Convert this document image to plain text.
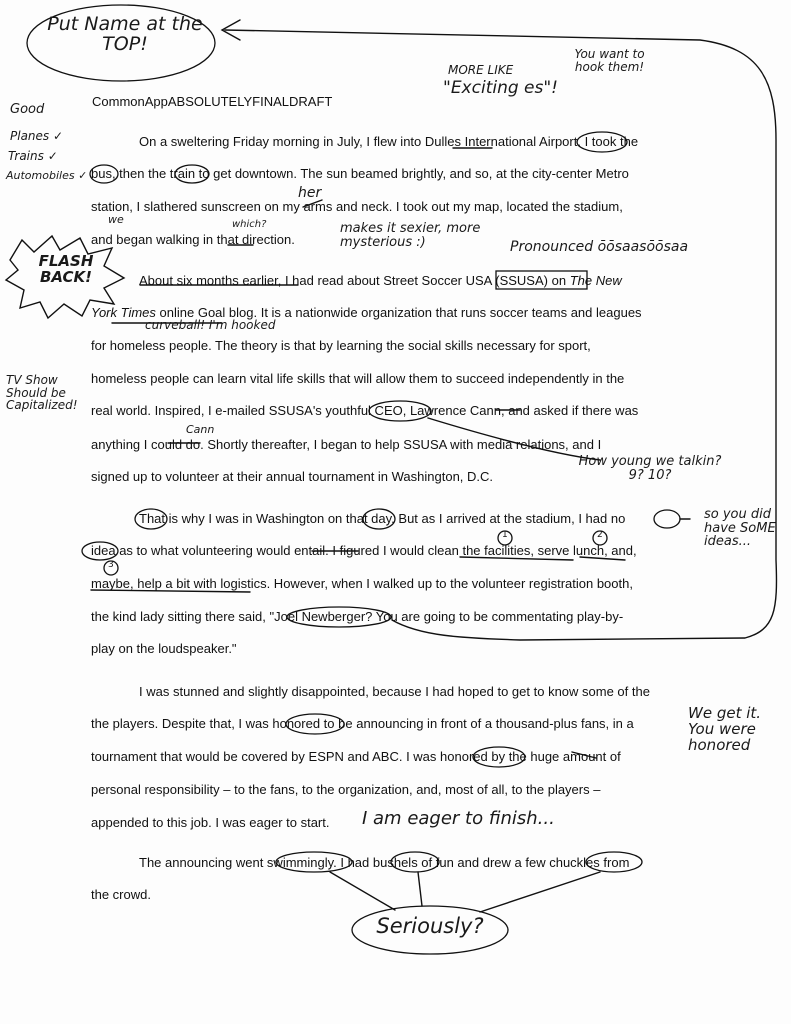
Put Name at the TOP!
MORE LIKE
"Exciting es"!
You want to hook them!
Good
Planes ✓
Trains ✓
Automobiles ✓
her
we	which?	makes it sexier, more mysterious :)
FLASH BACK!
Pronounced ōōsaasōōsaa
curveball! I'm hooked
TV Show Should be Capitalized!
Cann
How young we talkin? 9? 10?
so you did have SoME ideas...
We get it. You were honored
I am eager to finish...
Seriously?
1	2
3
CommonAppABSOLUTELYFINALDRAFT
On a sweltering Friday morning in July, I flew into Dulles International Airport. I took the
bus, then the train to get downtown. The sun beamed brightly, and so, at the city-center Metro
station, I slathered sunscreen on my arms and neck. I took out my map, located the stadium,
and began walking in that direction.
About six months earlier, I had read about Street Soccer USA (SSUSA) on The New
York Times online Goal blog. It is a nationwide organization that runs soccer teams and leagues
for homeless people. The theory is that by learning the social skills necessary for sport,
homeless people can learn vital life skills that will allow them to succeed independently in the
real world. Inspired, I e-mailed SSUSA's youthful CEO, Lawrence Cann, and asked if there was
anything I could do. Shortly thereafter, I began to help SSUSA with media relations, and I
signed up to volunteer at their annual tournament in Washington, D.C.
That is why I was in Washington on that day. But as I arrived at the stadium, I had no
idea as to what volunteering would entail. I figured I would clean the facilities, serve lunch, and,
maybe, help a bit with logistics. However, when I walked up to the volunteer registration booth,
the kind lady sitting there said, "Joel Newberger? You are going to be commentating play-by-
play on the loudspeaker."
I was stunned and slightly disappointed, because I had hoped to get to know some of the
the players. Despite that, I was honored to be announcing in front of a thousand-plus fans, in a
tournament that would be covered by ESPN and ABC. I was honored by the huge amount of
personal responsibility – to the fans, to the organization, and, most of all, to the players –
appended to this job. I was eager to start.
The announcing went swimmingly. I had bushels of fun and drew a few chuckles from
the crowd.
